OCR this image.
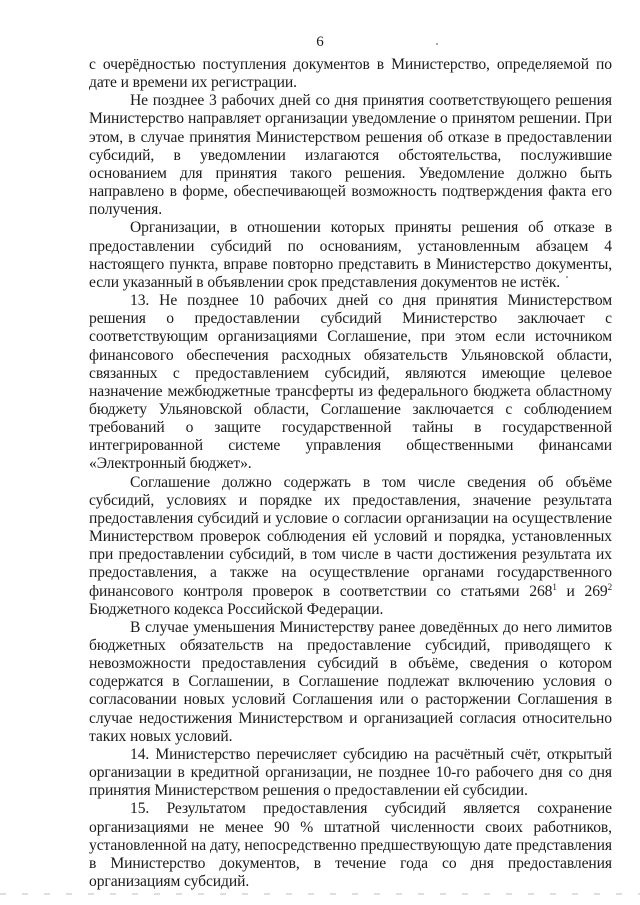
6

с очерёдностью поступления документов в Министерство, определяемой по дате и времени их регистрации.

Не позднее 3 рабочих дней со дня принятия соответствующего решения Министерство направляет организации уведомление о принятом решении. При этом, в случае принятия Министерством решения об отказе в предоставлении субсидий, в уведомлении излагаются обстоятельства, послужившие основанием для принятия такого решения. Уведомление должно быть направлено в форме, обеспечивающей возможность подтверждения факта его получения.

Организации, в отношении которых приняты решения об отказе в предоставлении субсидий по основаниям, установленным абзацем 4 настоящего пункта, вправе повторно представить в Министерство документы, если указанный в объявлении срок представления документов не истёк.

13. Не позднее 10 рабочих дней со дня принятия Министерством решения о предоставлении субсидий Министерство заключает с соответствующим организациями Соглашение, при этом если источником финансового обеспечения расходных обязательств Ульяновской области, связанных с предоставлением субсидий, являются имеющие целевое назначение межбюджетные трансферты из федерального бюджета областному бюджету Ульяновской области, Соглашение заключается с соблюдением требований о защите государственной тайны в государственной интегрированной системе управления общественными финансами «Электронный бюджет».

Соглашение должно содержать в том числе сведения об объёме субсидий, условиях и порядке их предоставления, значение результата предоставления субсидий и условие о согласии организации на осуществление Министерством проверок соблюдения ей условий и порядка, установленных при предоставлении субсидий, в том числе в части достижения результата их предоставления, а также на осуществление органами государственного финансового контроля проверок в соответствии со статьями $268^1$ и $269^2$ Бюджетного кодекса Российской Федерации.

В случае уменьшения Министерству ранее доведённых до него лимитов бюджетных обязательств на предоставление субсидий, приводящего к невозможности предоставления субсидий в объёме, сведения о котором содержатся в Соглашении, в Соглашение подлежат включению условия о согласовании новых условий Соглашения или о расторжении Соглашения в случае недостижения Министерством и организацией согласия относительно таких новых условий.

14. Министерство перечисляет субсидию на расчётный счёт, открытый организации в кредитной организации, не позднее 10-го рабочего дня со дня принятия Министерством решения о предоставлении ей субсидии.

15. Результатом предоставления субсидий является сохранение организациями не менее 90 % штатной численности своих работников, установленной на дату, непосредственно предшествующую дате представления в Министерство документов, в течение года со дня предоставления организациям субсидий.
